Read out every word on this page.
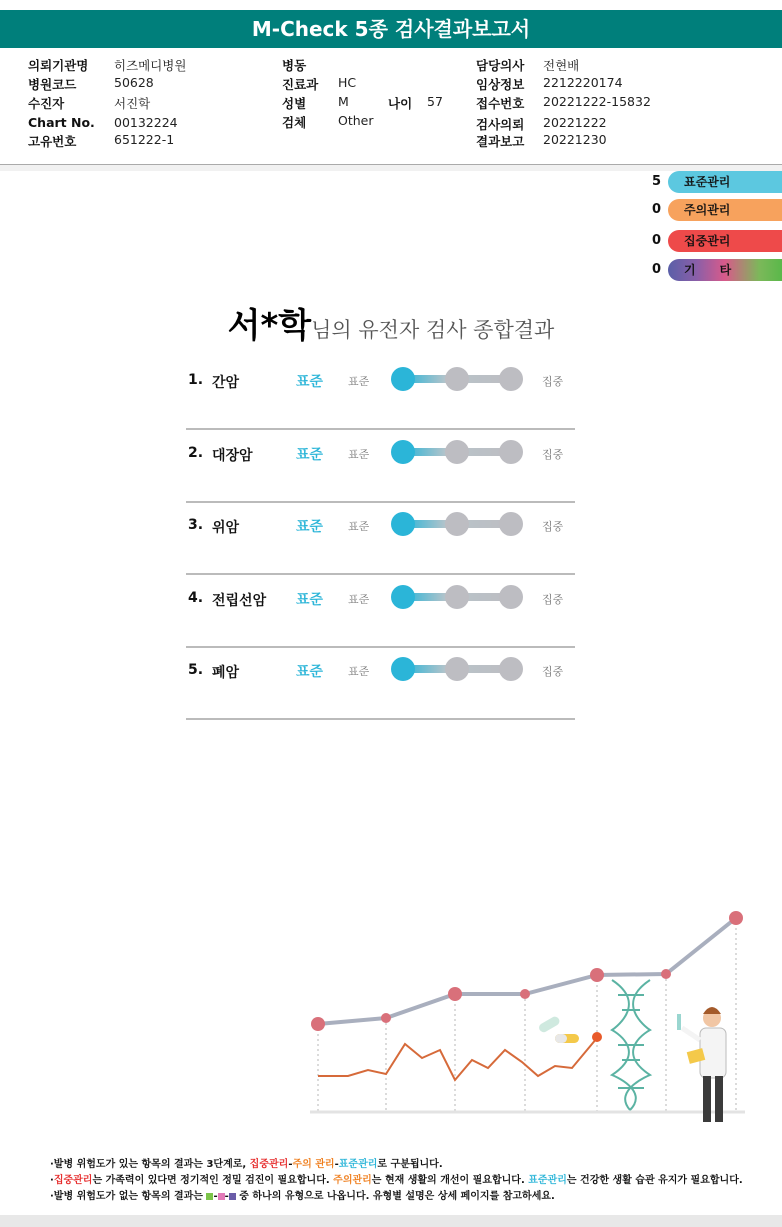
M-Check 5종 검사결과보고서
의뢰기관명 히즈메디병원
병원코드	50628
수진자	서진학
Chart No. 00132224
고유번호	651222-1
병동
진료과 HC
성별	M	나이 57
검체	Other
담당의사 전현배
임상정보 2212220174
접수번호 20221222-15832
검사의뢰 20221222
결과보고 20221230
5	표준관리
0	주의관리
0	집중관리
0	기　　타
서*학님의 유전자 검사 종합결과
1. 간암	표준 표준	집중
2. 대장암	표준 표준	집중
3. 위암	표준 표준	집중
4. 전립선암 표준 표준	집중
5. 폐암	표준 표준	집중
·발병 위험도가 있는 항목의 결과는 3단계로, 집중관리-주의 관리-표준관리로 구분됩니다.
·집중관리는 가족력이 있다면 정기적인 정밀 검진이 필요합니다. 주의관리는 현재 생활의 개선이 필요합니다. 표준관리는 건강한 생활 습관 유지가 필요합니다.
·발병 위험도가 없는 항목의 결과는 - - 중 하나의 유형으로 나옵니다. 유형별 설명은 상세 페이지를 참고하세요.
